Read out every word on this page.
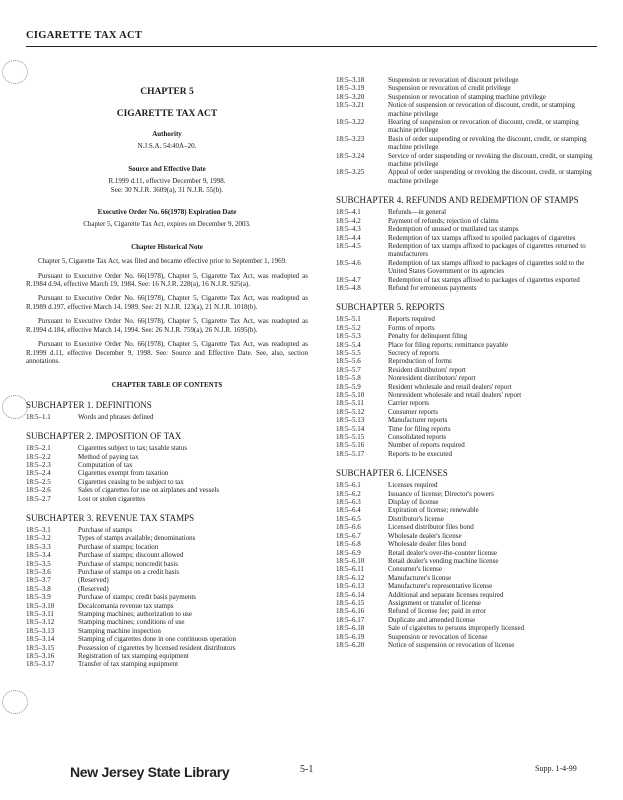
CIGARETTE TAX ACT
CHAPTER 5
CIGARETTE TAX ACT
Authority
N.J.S.A. 54:40A–20.
Source and Effective Date
R.1999 d.11, effective December 9, 1998.
See: 30 N.J.R. 3609(a), 31 N.J.R. 55(b).
Executive Order No. 66(1978) Expiration Date
Chapter 5, Cigarette Tax Act, expires on December 9, 2003.
Chapter Historical Note

Chapter 5, Cigarette Tax Act, was filed and became effective prior to September 1, 1969.

Pursuant to Executive Order No. 66(1978), Chapter 5, Cigarette Tax Act, was readopted as R.1984 d.94, effective March 19, 1984. See: 16 N.J.R. 228(a), 16 N.J.R. 925(a).

Pursuant to Executive Order No. 66(1978), Chapter 5, Cigarette Tax Act, was readopted as R.1989 d.197, effective March 14, 1989. See: 21 N.J.R. 123(a), 21 N.J.R. 1018(b).

Pursuant to Executive Order No. 66(1978), Chapter 5, Cigarette Tax Act, was readopted as R.1994 d.184, effective March 14, 1994. See: 26 N.J.R. 759(a), 26 N.J.R. 1695(b).

Pursuant to Executive Order No. 66(1978), Chapter 5, Cigarette Tax Act, was readopted as R.1999 d.11, effective December 9, 1998. See: Source and Effective Date. See, also, section annotations.

CHAPTER TABLE OF CONTENTS
SUBCHAPTER 1. DEFINITIONS
18:5–1.1	Words and phrases defined
SUBCHAPTER 2. IMPOSITION OF TAX
18:5–2.1	Cigarettes subject to tax; taxable status
18:5–2.2	Method of paying tax
18:5–2.3	Computation of tax
18:5–2.4	Cigarettes exempt from taxation
18:5–2.5	Cigarettes ceasing to be subject to tax
18:5–2.6	Sales of cigarettes for use on airplanes and vessels
18:5–2.7	Lost or stolen cigarettes
SUBCHAPTER 3. REVENUE TAX STAMPS
18:5–3.1	Purchase of stamps
18:5–3.2	Types of stamps available; denominations
18:5–3.3	Purchase of stamps; location
18:5–3.4	Purchase of stamps; discount allowed
18:5–3.5	Purchase of stamps; noncredit basis
18:5–3.6	Purchase of stamps on a credit basis
18:5–3.7	(Reserved)
18:5–3.8	(Reserved)
18:5–3.9	Purchase of stamps; credit basis payments
18:5–3.10	Decalcomania revenue tax stamps
18:5–3.11	Stamping machines; authorization to use
18:5–3.12	Stamping machines; conditions of use
18:5–3.13	Stamping machine inspection
18:5–3.14	Stamping of cigarettes done in one continuous operation
18:5–3.15	Possession of cigarettes by licensed resident distributors
18:5–3.16	Registration of tax stamping equipment
18:5–3.17	Transfer of tax stamping equipment
18:5–3.18	Suspension or revocation of discount privilege
18:5–3.19	Suspension or revocation of credit privilege
18:5–3.20	Suspension or revocation of stamping machine privilege
18:5–3.21	Notice of suspension or revocation of discount, credit, or stamping machine privilege
18:5–3.22	Hearing of suspension or revocation of discount, credit, or stamping machine privilege
18:5–3.23	Basis of order suspending or revoking the discount, credit, or stamping machine privilege
18:5–3.24	Service of order suspending or revoking the discount, credit, or stamping machine privilege
18:5–3.25	Appeal of order suspending or revoking the discount, credit, or stamping machine privilege
SUBCHAPTER 4. REFUNDS AND REDEMPTION OF STAMPS
18:5–4.1	Refunds—in general
18:5–4.2	Payment of refunds; rejection of claims
18:5–4.3	Redemption of unused or mutilated tax stamps
18:5–4.4	Redemption of tax stamps affixed to spoiled packages of cigarettes
18:5–4.5	Redemption of tax stamps affixed to packages of cigarettes returned to manufacturers
18:5–4.6	Redemption of tax stamps affixed to packages of cigarettes sold to the United States Government or its agencies
18:5–4.7	Redemption of tax stamps affixed to packages of cigarettes exported
18:5–4.8	Refund for erroneous payments
SUBCHAPTER 5. REPORTS
18:5–5.1	Reports required
18:5–5.2	Forms of reports
18:5–5.3	Penalty for delinquent filing
18:5–5.4	Place for filing reports; remittance payable
18:5–5.5	Secrecy of reports
18:5–5.6	Reproduction of forms
18:5–5.7	Resident distributors' report
18:5–5.8	Nonresident distributors' report
18:5–5.9	Resident wholesale and retail dealers' report
18:5–5.10	Nonresident wholesale and retail dealers' report
18:5–5.11	Carrier reports
18:5–5.12	Consumer reports
18:5–5.13	Manufacturer reports
18:5–5.14	Time for filing reports
18:5–5.15	Consolidated reports
18:5–5.16	Number of reports required
18:5–5.17	Reports to be executed
SUBCHAPTER 6. LICENSES
18:5–6.1	Licenses required
18:5–6.2	Issuance of license; Director's powers
18:5–6.3	Display of license
18:5–6.4	Expiration of license; renewable
18:5–6.5	Distributor's license
18:5–6.6	Licensed distributor files bond
18:5–6.7	Wholesale dealer's license
18:5–6.8	Wholesale dealer files bond
18:5–6.9	Retail dealer's over-the-counter license
18:5–6.10	Retail dealer's vending machine license
18:5–6.11	Consumer's license
18:5–6.12	Manufacturer's license
18:5–6.13	Manufacturer's representative license
18:5–6.14	Additional and separate licenses required
18:5–6.15	Assignment or transfer of license
18:5–6.16	Refund of license fee; paid in error
18:5–6.17	Duplicate and amended license
18:5–6.18	Sale of cigarettes to persons improperly licensed
18:5–6.19	Suspension or revocation of license
18:5–6.20	Notice of suspension or revocation of license
New Jersey State Library	5-1	Supp. 1-4-99
